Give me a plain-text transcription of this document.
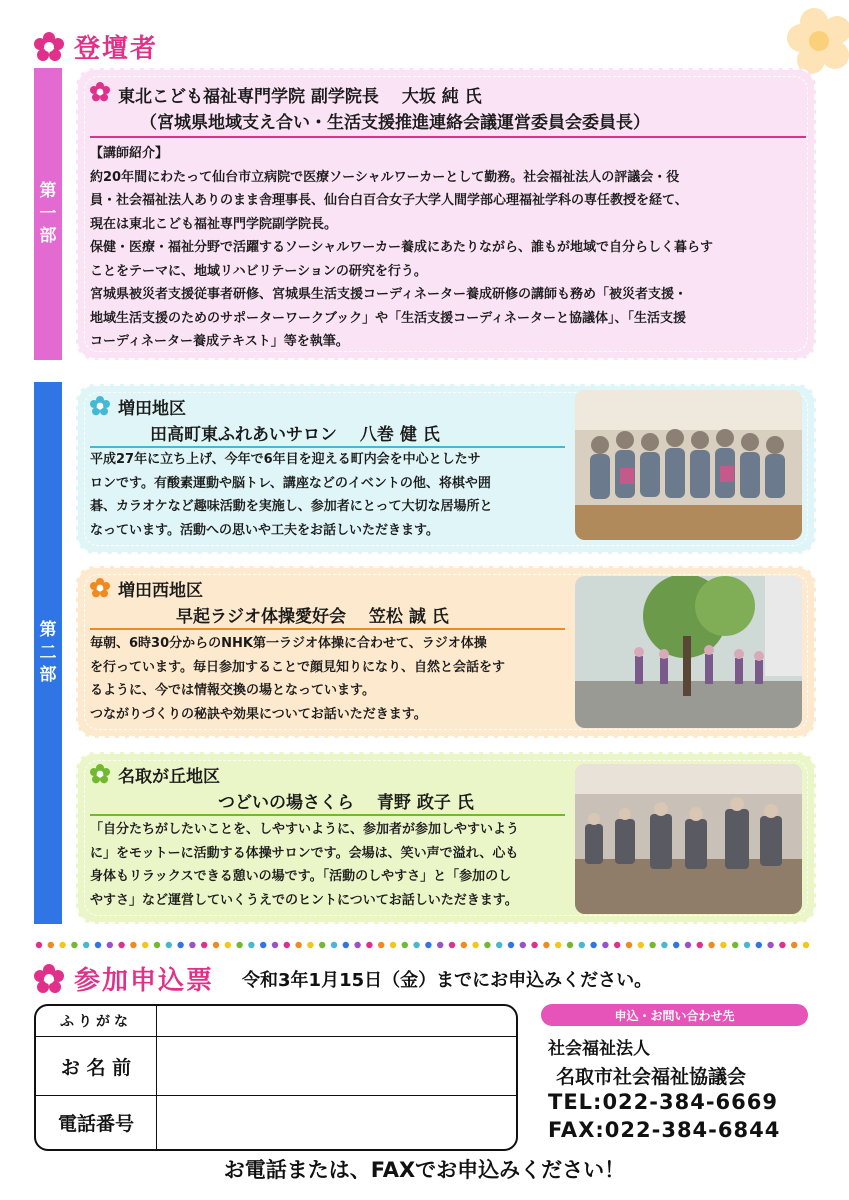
登壇者
第
一
部
東北こども福祉専門学院 副学院長　 大坂 純 氏
（宮城県地域支え合い・生活支援推進連絡会議運営委員会委員長）
【講師紹介】
約20年間にわたって仙台市立病院で医療ソーシャルワーカーとして勤務。社会福祉法人の評議会・役
員・社会福祉法人ありのまま舎理事長、仙台白百合女子大学人間学部心理福祉学科の専任教授を経て、
現在は東北こども福祉専門学院副学院長。
保健・医療・福祉分野で活躍するソーシャルワーカー養成にあたりながら、誰もが地域で自分らしく暮らす
ことをテーマに、地域リハビリテーションの研究を行う。
宮城県被災者支援従事者研修、宮城県生活支援コーディネーター養成研修の講師も務め「被災者支援・
地域生活支援のためのサポーターワークブック」や「生活支援コーディネーターと協議体」、「生活支援
コーディネーター養成テキスト」等を執筆。
第
二
部
増田地区
田高町東ふれあいサロン　 八巻 健 氏
平成27年に立ち上げ、今年で6年目を迎える町内会を中心としたサ
ロンです。有酸素運動や脳トレ、講座などのイベントの他、将棋や囲
碁、カラオケなど趣味活動を実施し、参加者にとって大切な居場所と
なっています。活動への思いや工夫をお話しいただきます。
増田西地区
早起ラジオ体操愛好会　 笠松 誠 氏
毎朝、6時30分からのNHK第一ラジオ体操に合わせて、ラジオ体操
を行っています。毎日参加することで顔見知りになり、自然と会話をす
るように、今では情報交換の場となっています。
つながりづくりの秘訣や効果についてお話いただきます。
名取が丘地区
つどいの場さくら　 青野 政子 氏
「自分たちがしたいことを、しやすいように、参加者が参加しやすいよう
に」をモットーに活動する体操サロンです。会場は、笑い声で溢れ、心も
身体もリラックスできる憩いの場です。「活動のしやすさ」と「参加のし
やすさ」など運営していくうえでのヒントについてお話しいただきます。
参加申込票 令和3年1月15日（金）までにお申込みください。
ふりがな
お 名 前
電話番号
申込・お問い合わせ先
社会福祉法人
名取市社会福祉協議会
TEL:022-384-6669
FAX:022-384-6844
お電話または、FAXでお申込みください！
